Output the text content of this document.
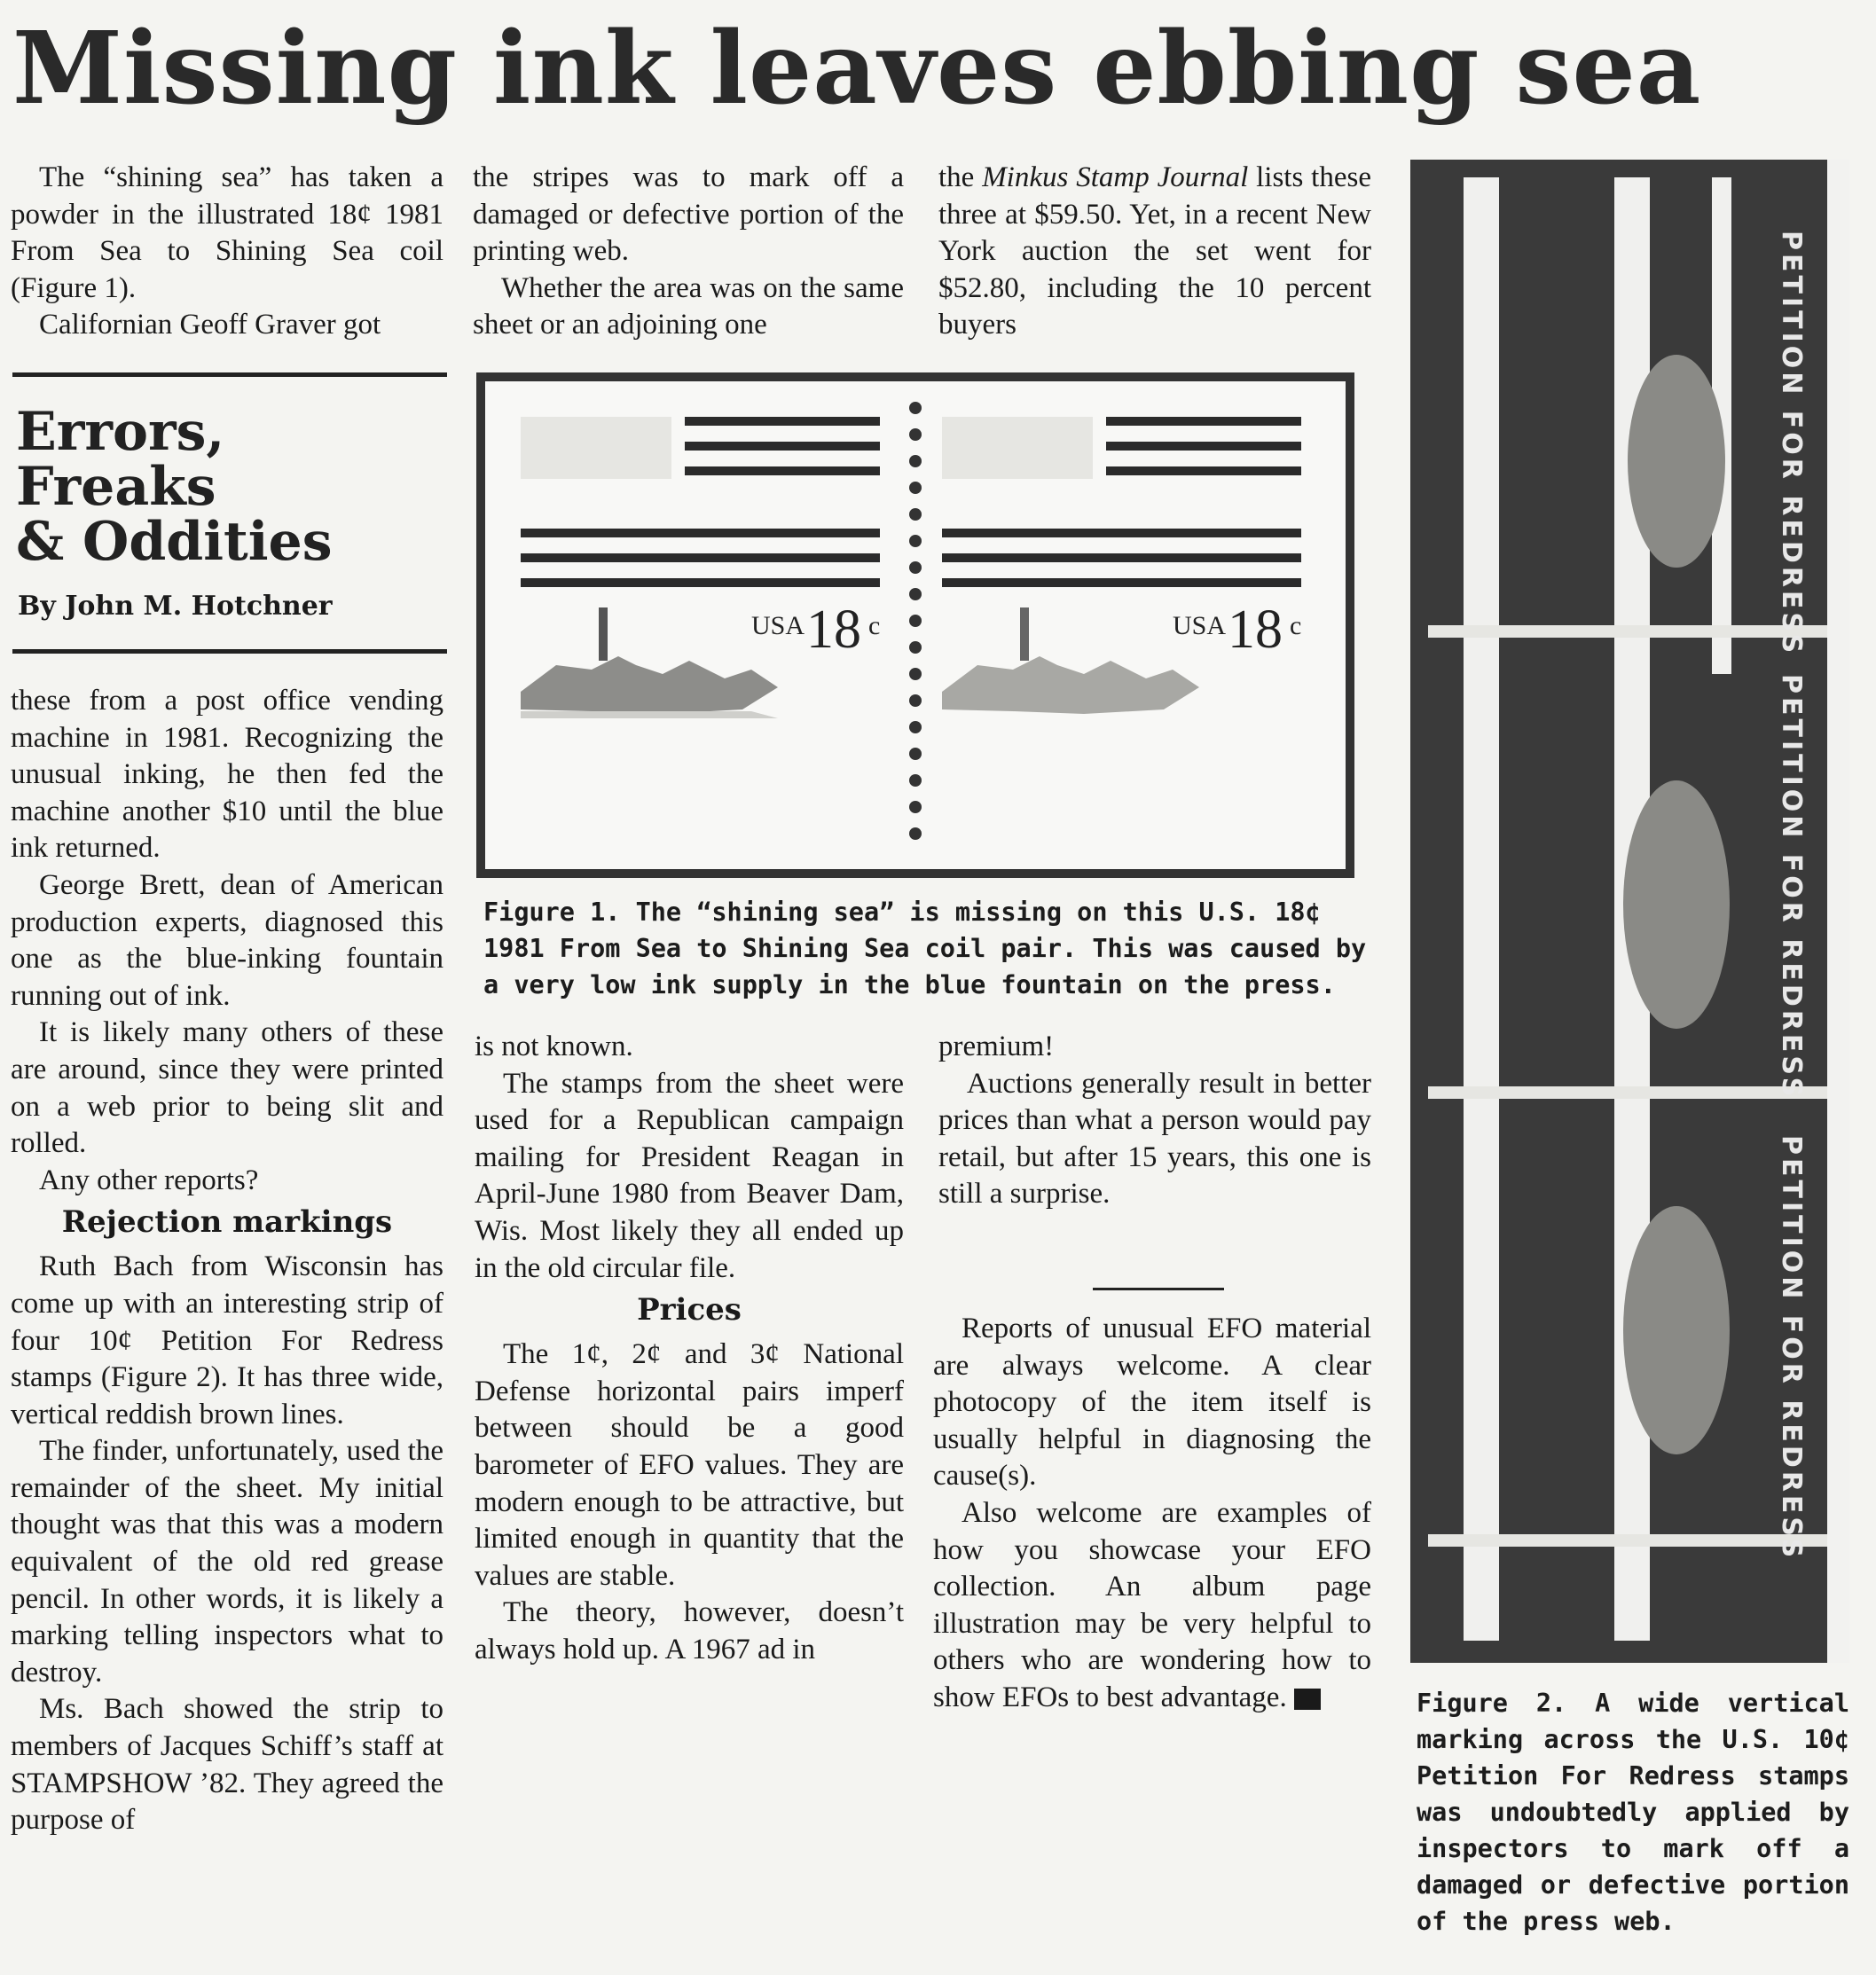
Missing ink leaves ebbing sea

The “shining sea” has taken a powder in the illustrated 18¢ 1981 From Sea to Shining Sea coil (Figure 1).

Californian Geoff Graver got

Errors,
Freaks
& Oddities
By John M. Hotchner

these from a post office vending machine in 1981. Recognizing the unusual inking, he then fed the machine another $10 until the blue ink returned.

George Brett, dean of American production experts, diagnosed this one as the blue-inking fountain running out of ink.

It is likely many others of these are around, since they were printed on a web prior to being slit and rolled.

Any other reports?

Rejection markings

Ruth Bach from Wisconsin has come up with an interesting strip of four 10¢ Petition For Redress stamps (Figure 2). It has three wide, vertical reddish brown lines.

The finder, unfortunately, used the remainder of the sheet. My initial thought was that this was a modern equivalent of the old red grease pencil. In other words, it is likely a marking telling inspectors what to destroy.

Ms. Bach showed the strip to members of Jacques Schiff’s staff at STAMPSHOW ’82. They agreed the purpose of

the stripes was to mark off a damaged or defective portion of the printing web.

Whether the area was on the same sheet or an adjoining one

the Minkus Stamp Journal lists these three at $59.50. Yet, in a recent New York auction the set went for $52.80, including the 10 percent buyers

USA 18 c	USA 18 c
Figure 1. The “shining sea” is missing on this U.S. 18¢ 1981 From Sea to Shining Sea coil pair. This was caused by a very low ink supply in the blue fountain on the press.

is not known.

The stamps from the sheet were used for a Republican campaign mailing for President Reagan in April-June 1980 from Beaver Dam, Wis. Most likely they all ended up in the old circular file.

Prices

The 1¢, 2¢ and 3¢ National Defense horizontal pairs imperf between should be a good barometer of EFO values. They are modern enough to be attractive, but limited enough in quantity that the values are stable.

The theory, however, doesn’t always hold up. A 1967 ad in

premium!

Auctions generally result in better prices than what a person would pay retail, but after 15 years, this one is still a surprise.

Reports of unusual EFO material are always welcome. A clear photocopy of the item itself is usually helpful in diagnosing the cause(s).

Also welcome are examples of how you showcase your EFO collection. An album page illustration may be very helpful to others who are wondering how to show EFOs to best advantage.

PETITION FOR REDRESS
PETITION FOR REDRESS
PETITION FOR REDRESS
Figure 2. A wide vertical marking across the U.S. 10¢ Petition For Redress stamps was undoubtedly applied by inspectors to mark off a damaged or defective portion of the press web.
